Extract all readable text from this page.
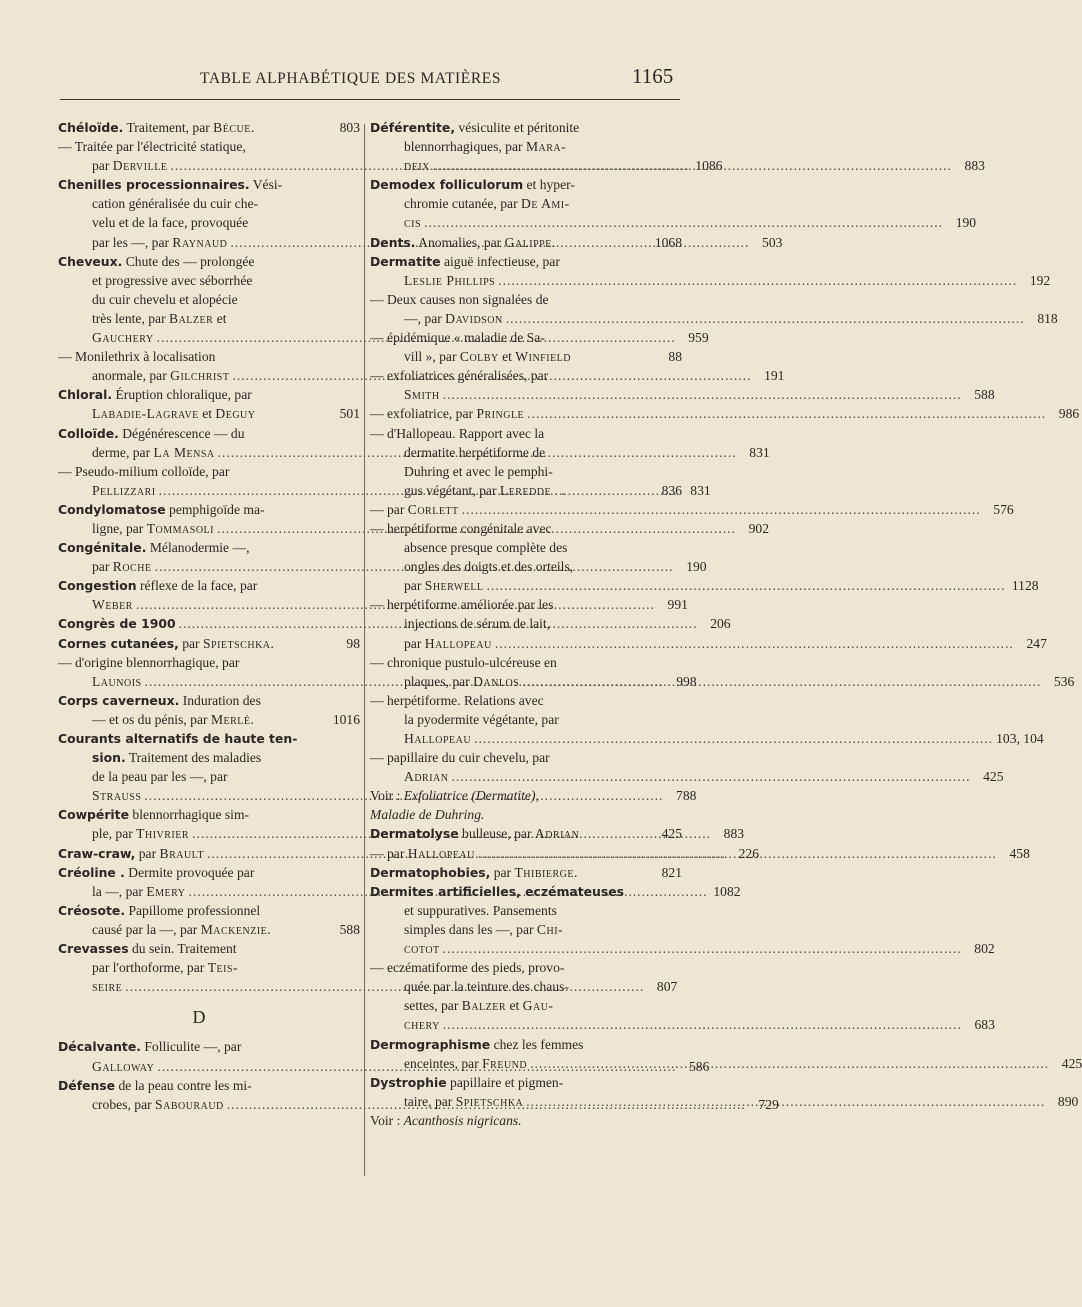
TABLE ALPHABÉTIQUE DES MATIÈRES	1165
Chéloïde. Traitement, par Bécue.	803
— Traitée par l'électricité statique,
par Derville .....	1086
Chenilles processionnaires. Vési-
cation généralisée du cuir che-
velu et de la face, provoquée
par les —, par Raynaud .....	503
Cheveux. Chute des — prolongée
et progressive avec séborrhée
du cuir chevelu et alopécie
très lente, par Balzer et
Gauchery .....	959
— Monilethrix à localisation
anormale, par Gilchrist .....	191
Chloral. Éruption chloralique, par
Labadie-Lagrave et Deguy	501
Colloïde. Dégénérescence — du
derme, par La Mensa .....	831
— Pseudo-milium colloïde, par
Pellizzari .....	831
Condylomatose pemphigoïde ma-
ligne, par Tommasoli .....	902
Congénitale. Mélanodermie —,
par Roche .....	190
Congestion réflexe de la face, par
Weber .....	991
Congrès de 1900 .....	206
Cornes cutanées, par Spietschka.	98
— d'origine blennorrhagique, par
Launois .....	998
Corps caverneux. Induration des
— et os du pénis, par Merlé.	1016
Courants alternatifs de haute ten-
sion. Traitement des maladies
de la peau par les —, par
Strauss .....	788
Cowpérite blennorrhagique sim-
ple, par Thivrier .....	883
Craw-craw, par Brault .....	226
Créoline . Dermite provoquée par
la —, par Emery .....	1082
Créosote. Papillome professionnel
causé par la —, par Mackenzie.	588
Crevasses du sein. Traitement
par l'orthoforme, par Teis-
seire .....	807
D
Décalvante. Folliculite —, par
Galloway .....	586
Défense de la peau contre les mi-
crobes, par Sabouraud .....	729
Déférentite, vésiculite et péritonite
blennorrhagiques, par Mara-
deix .....	883
Demodex folliculorum et hyper-
chromie cutanée, par De Ami-
cis .....	190
Dents. Anomalies, par Galippe.	1068
Dermatite aiguë infectieuse, par
Leslie Phillips .....	192
— Deux causes non signalées de
—, par Davidson .....	818
— épidémique « maladie de Sa-
vill », par Colby et Winfield	88
— exfoliatrices généralisées, par
Smith .....	588
— exfoliatrice, par Pringle .....	986
— d'Hallopeau. Rapport avec la
dermatite herpétiforme de
Duhring et avec le pemphi-
gus végétant, par Leredde . .	836
— par Corlett .....	576
— herpétiforme congénitale avec
absence presque complète des
ongles des doigts et des orteils,
par Sherwell .....	1128
— herpétiforme améliorée par les
injections de sérum de lait,
par Hallopeau .....	247
— chronique pustulo-ulcéreuse en
plaques, par Danlos .....	536
— herpétiforme. Relations avec
la pyodermite végétante, par
Hallopeau .....	103, 104
— papillaire du cuir chevelu, par
Adrian .....	425
Voir : Exfoliatrice (Dermatite),
Maladie de Duhring.
Dermatolyse bulleuse, par Adrian	425
— par Hallopeau .....	458
Dermatophobies, par Thibierge.	821
Dermites artificielles, eczémateuses
et suppuratives. Pansements
simples dans les —, par Chi-
cotot .....	802
— eczématiforme des pieds, provo-
quée par la teinture des chaus-
settes, par Balzer et Gau-
chery .....	683
Dermographisme chez les femmes
enceintes, par Freund .....	425
Dystrophie papillaire et pigmen-
taire, par Spietschka .....	890
Voir : Acanthosis nigricans.
